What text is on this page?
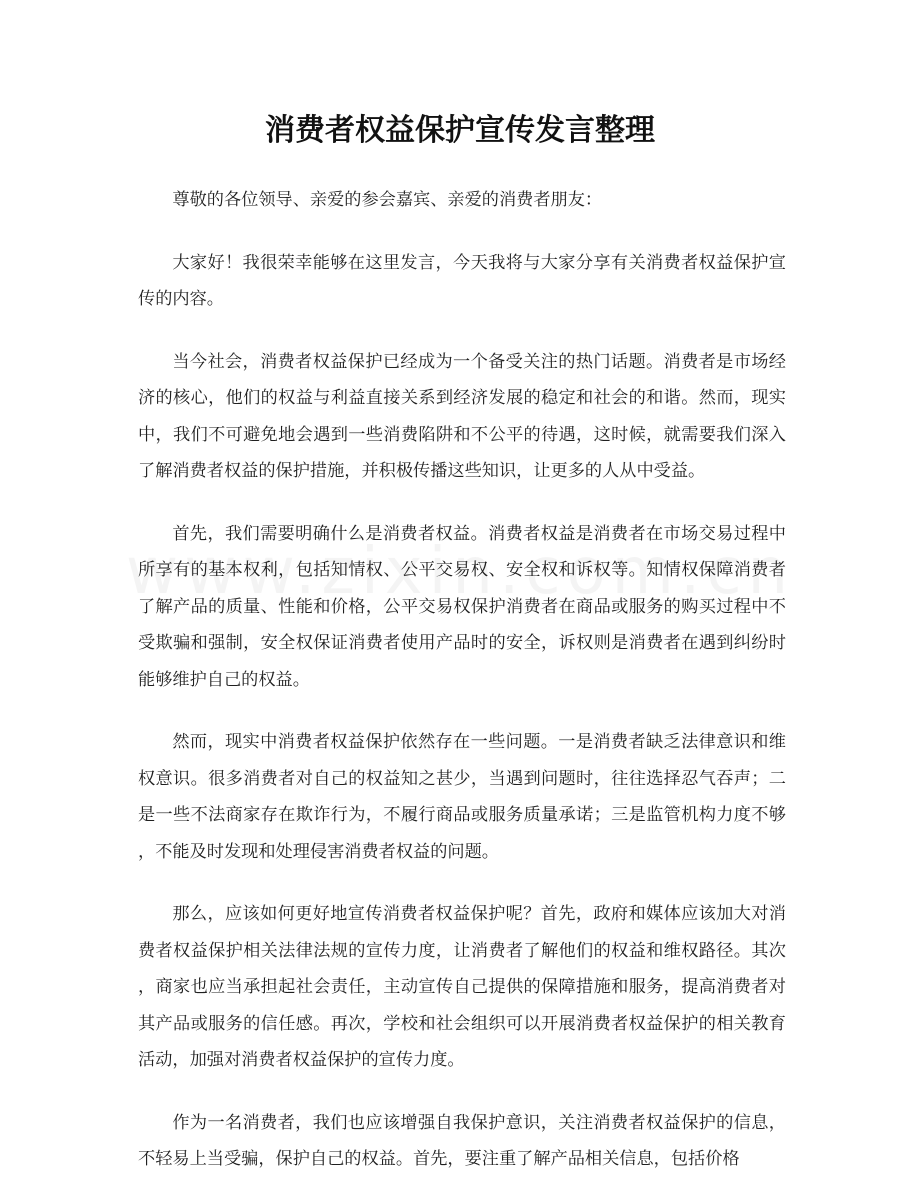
消费者权益保护宣传发言整理

尊敬的各位领导、亲爱的参会嘉宾、亲爱的消费者朋友：

大家好！我很荣幸能够在这里发言，今天我将与大家分享有关消费者权益保护宣传的内容。

当今社会，消费者权益保护已经成为一个备受关注的热门话题。消费者是市场经济的核心，他们的权益与利益直接关系到经济发展的稳定和社会的和谐。然而，现实中，我们不可避免地会遇到一些消费陷阱和不公平的待遇，这时候，就需要我们深入了解消费者权益的保护措施，并积极传播这些知识，让更多的人从中受益。

首先，我们需要明确什么是消费者权益。消费者权益是消费者在市场交易过程中所享有的基本权利，包括知情权、公平交易权、安全权和诉权等。知情权保障消费者了解产品的质量、性能和价格，公平交易权保护消费者在商品或服务的购买过程中不受欺骗和强制，安全权保证消费者使用产品时的安全，诉权则是消费者在遇到纠纷时能够维护自己的权益。

然而，现实中消费者权益保护依然存在一些问题。一是消费者缺乏法律意识和维权意识。很多消费者对自己的权益知之甚少，当遇到问题时，往往选择忍气吞声；二是一些不法商家存在欺诈行为，不履行商品或服务质量承诺；三是监管机构力度不够，不能及时发现和处理侵害消费者权益的问题。

那么，应该如何更好地宣传消费者权益保护呢？首先，政府和媒体应该加大对消费者权益保护相关法律法规的宣传力度，让消费者了解他们的权益和维权路径。其次，商家也应当承担起社会责任，主动宣传自己提供的保障措施和服务，提高消费者对其产品或服务的信任感。再次，学校和社会组织可以开展消费者权益保护的相关教育活动，加强对消费者权益保护的宣传力度。

作为一名消费者，我们也应该增强自我保护意识，关注消费者权益保护的信息，不轻易上当受骗，保护自己的权益。首先，要注重了解产品相关信息，包括价格
